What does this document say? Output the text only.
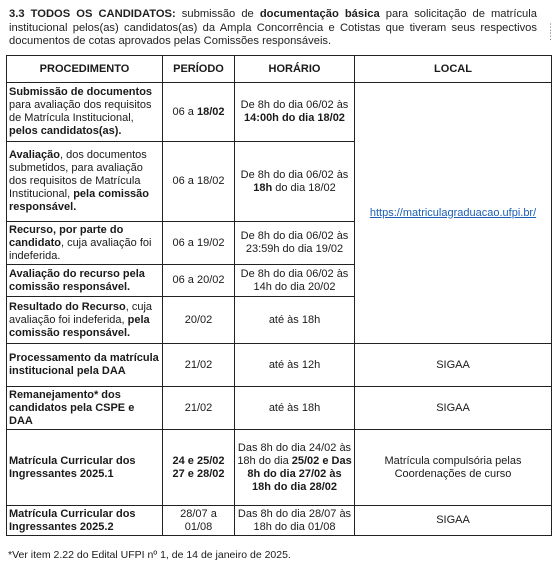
3.3 TODOS OS CANDIDATOS: submissão de documentação básica para solicitação de matrícula institucional pelos(as) candidatos(as) da Ampla Concorrência e Cotistas que tiveram seus respectivos documentos de cotas aprovados pelas Comissões responsáveis.
⋮
⋮
PROCEDIMENTO	PERÍODO	HORÁRIO	LOCAL
Submissão de documentos para avaliação dos requisitos de Matrícula Institucional, pelos candidatos(as).	06 a 18/02	De 8h do dia 06/02 às 14:00h do dia 18/02	https://matriculagraduacao.ufpi.br/
Avaliação, dos documentos submetidos, para avaliação dos requisitos de Matrícula Institucional, pela comissão responsável.	06 a 18/02	De 8h do dia 06/02 às 18h do dia 18/02	
Recurso, por parte do candidato, cuja avaliação foi indeferida.	06 a 19/02	De 8h do dia 06/02 às 23:59h do dia 19/02	
Avaliação do recurso pela comissão responsável.	06 a 20/02	De 8h do dia 06/02 às 14h do dia 20/02	
Resultado do Recurso, cuja avaliação foi indeferida, pela comissão responsável.	20/02	até às 18h	
Processamento da matrícula institucional pela DAA	21/02	até às 12h	SIGAA
Remanejamento* dos candidatos pela CSPE e DAA	21/02	até às 18h	SIGAA
Matrícula Curricular dos Ingressantes 2025.1	24 e 25/02 27 e 28/02	Das 8h do dia 24/02 às 18h do dia 25/02 e Das 8h do dia 27/02 às 18h do dia 28/02	Matrícula compulsória pelas Coordenações de curso
Matrícula Curricular dos Ingressantes 2025.2	28/07 a 01/08	Das 8h do dia 28/07 às 18h do dia 01/08	SIGAA
*Ver item 2.22 do Edital UFPI nº 1, de 14 de janeiro de 2025.
